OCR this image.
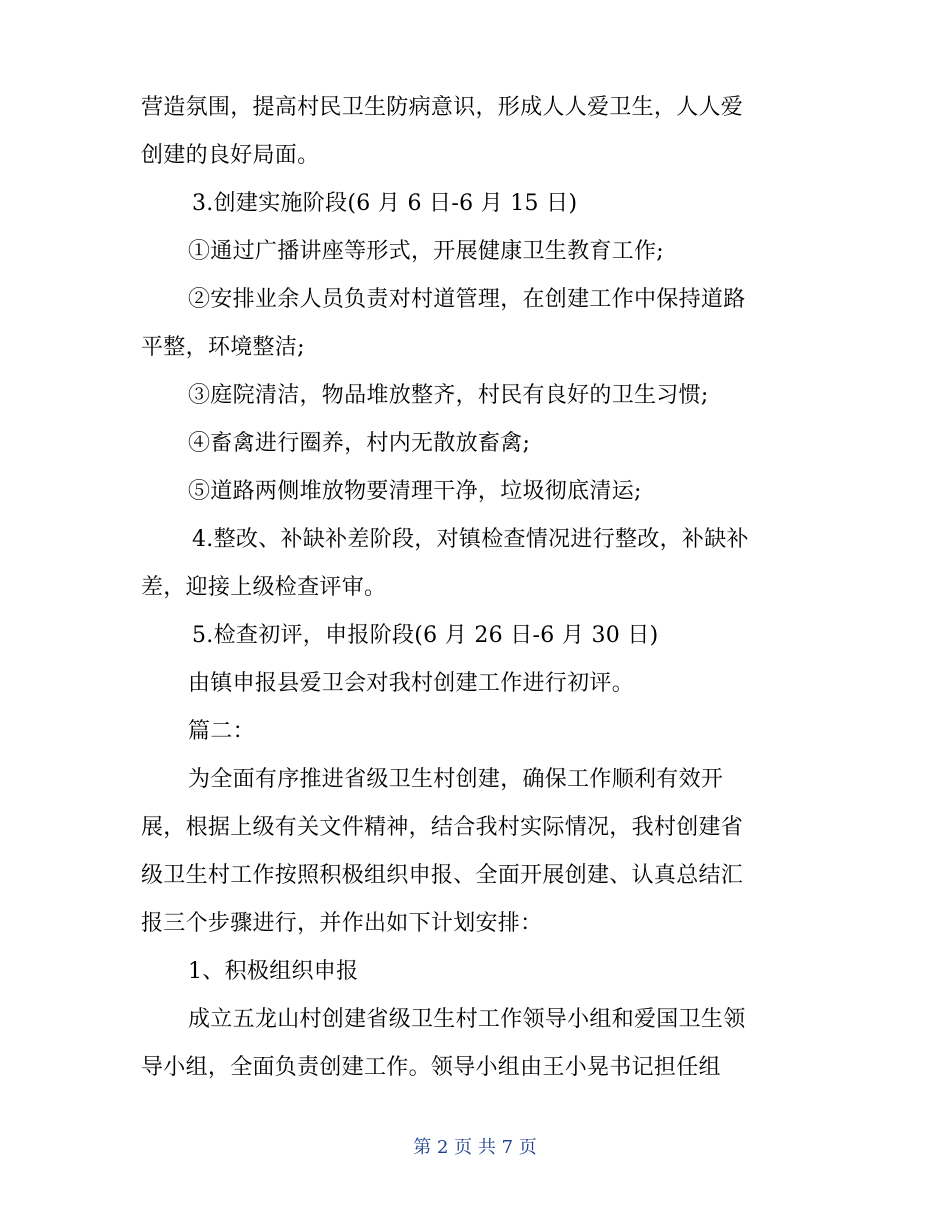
营造氛围，提高村民卫生防病意识，形成人人爱卫生，人人爱
创建的良好局面。
3.创建实施阶段(6 月 6 日-6 月 15 日)
①通过广播讲座等形式，开展健康卫生教育工作;
②安排业余人员负责对村道管理，在创建工作中保持道路
平整，环境整洁;
③庭院清洁，物品堆放整齐，村民有良好的卫生习惯;
④畜禽进行圈养，村内无散放畜禽;
⑤道路两侧堆放物要清理干净，垃圾彻底清运;
4.整改、补缺补差阶段，对镇检查情况进行整改，补缺补
差，迎接上级检查评审。
5.检查初评，申报阶段(6 月 26 日-6 月 30 日)
由镇申报县爱卫会对我村创建工作进行初评。
篇二：
为全面有序推进省级卫生村创建，确保工作顺利有效开
展，根据上级有关文件精神，结合我村实际情况，我村创建省
级卫生村工作按照积极组织申报、全面开展创建、认真总结汇
报三个步骤进行，并作出如下计划安排：
1、积极组织申报
成立五龙山村创建省级卫生村工作领导小组和爱国卫生领
导小组，全面负责创建工作。领导小组由王小晃书记担任组
第 2 页 共 7 页
